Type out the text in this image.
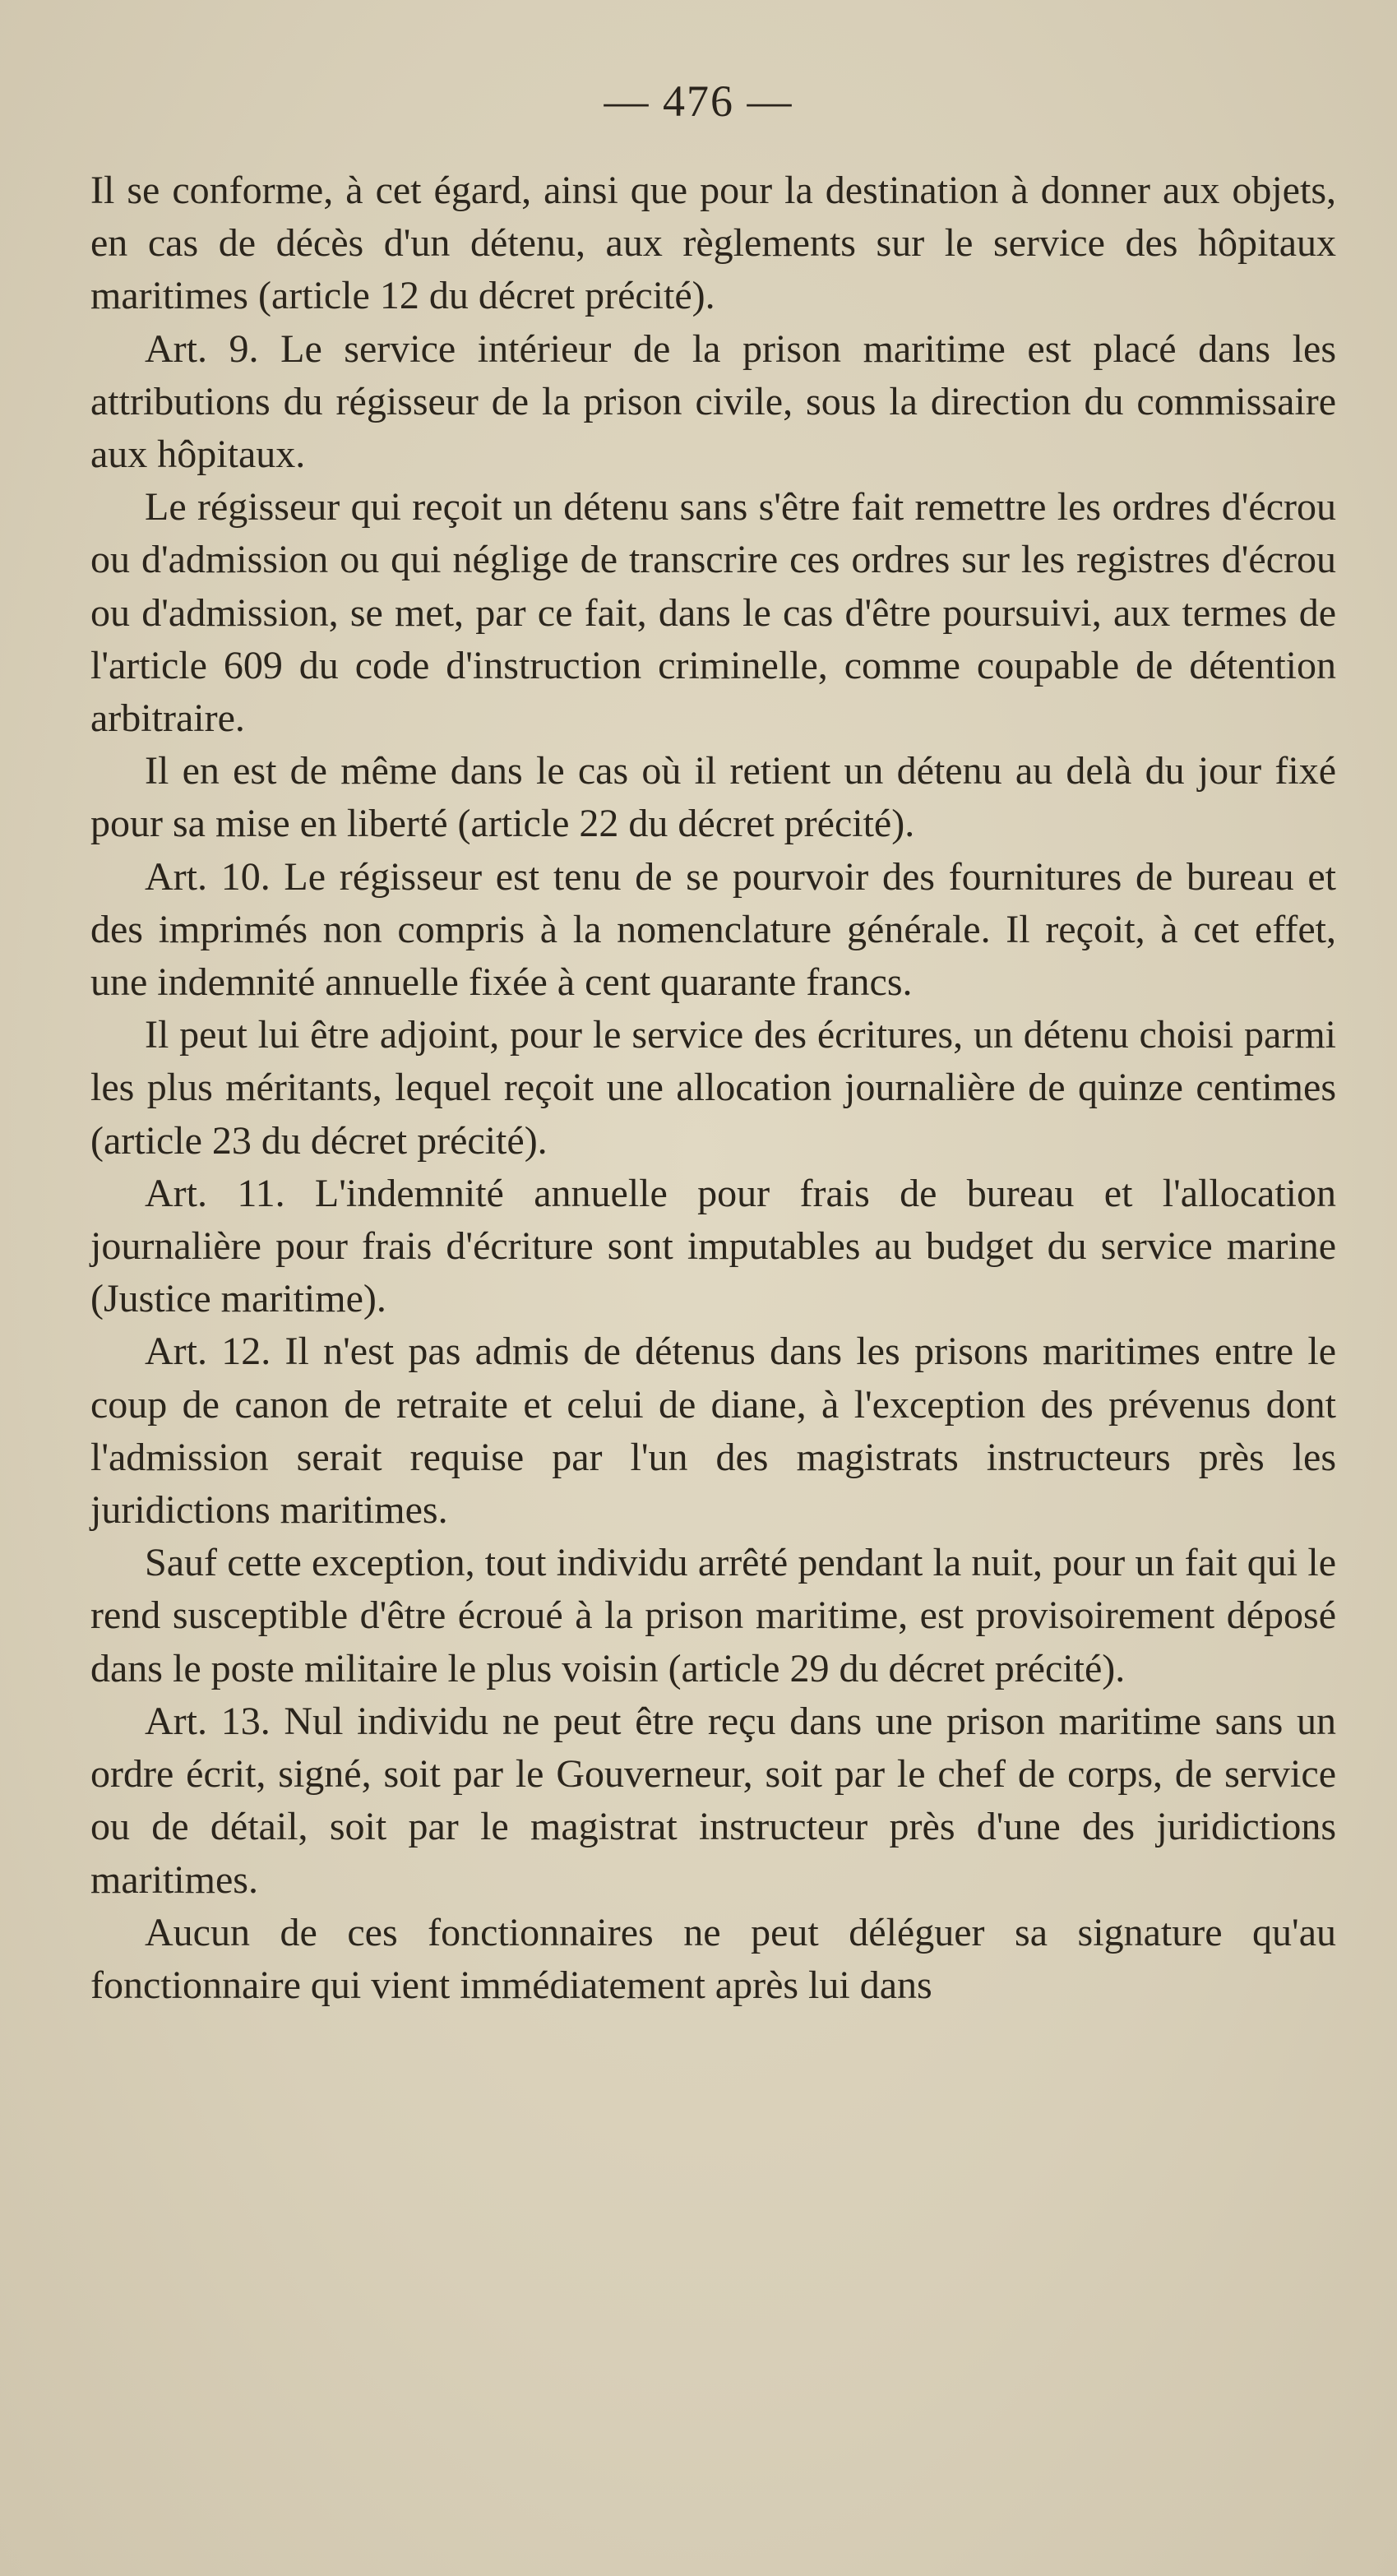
— 476 —

Il se conforme, à cet égard, ainsi que pour la destination à donner aux objets, en cas de décès d'un détenu, aux règlements sur le service des hôpitaux maritimes (article 12 du décret précité).

Art. 9. Le service intérieur de la prison maritime est placé dans les attributions du régisseur de la prison civile, sous la direction du commissaire aux hôpitaux.

Le régisseur qui reçoit un détenu sans s'être fait remettre les ordres d'écrou ou d'admission ou qui néglige de transcrire ces ordres sur les registres d'écrou ou d'admission, se met, par ce fait, dans le cas d'être poursuivi, aux termes de l'article 609 du code d'instruction criminelle, comme coupable de détention arbitraire.

Il en est de même dans le cas où il retient un détenu au delà du jour fixé pour sa mise en liberté (article 22 du décret précité).

Art. 10. Le régisseur est tenu de se pourvoir des fournitures de bureau et des imprimés non compris à la nomenclature générale. Il reçoit, à cet effet, une indemnité annuelle fixée à cent quarante francs.

Il peut lui être adjoint, pour le service des écritures, un détenu choisi parmi les plus méritants, lequel reçoit une allocation journalière de quinze centimes (article 23 du décret précité).

Art. 11. L'indemnité annuelle pour frais de bureau et l'allocation journalière pour frais d'écriture sont imputables au budget du service marine (Justice maritime).

Art. 12. Il n'est pas admis de détenus dans les prisons maritimes entre le coup de canon de retraite et celui de diane, à l'exception des prévenus dont l'admission serait requise par l'un des magistrats instructeurs près les juridictions maritimes.

Sauf cette exception, tout individu arrêté pendant la nuit, pour un fait qui le rend susceptible d'être écroué à la prison maritime, est provisoirement déposé dans le poste militaire le plus voisin (article 29 du décret précité).

Art. 13. Nul individu ne peut être reçu dans une prison maritime sans un ordre écrit, signé, soit par le Gouverneur, soit par le chef de corps, de service ou de détail, soit par le magistrat instructeur près d'une des juridictions maritimes.

Aucun de ces fonctionnaires ne peut déléguer sa signature qu'au fonctionnaire qui vient immédiatement après lui dans
